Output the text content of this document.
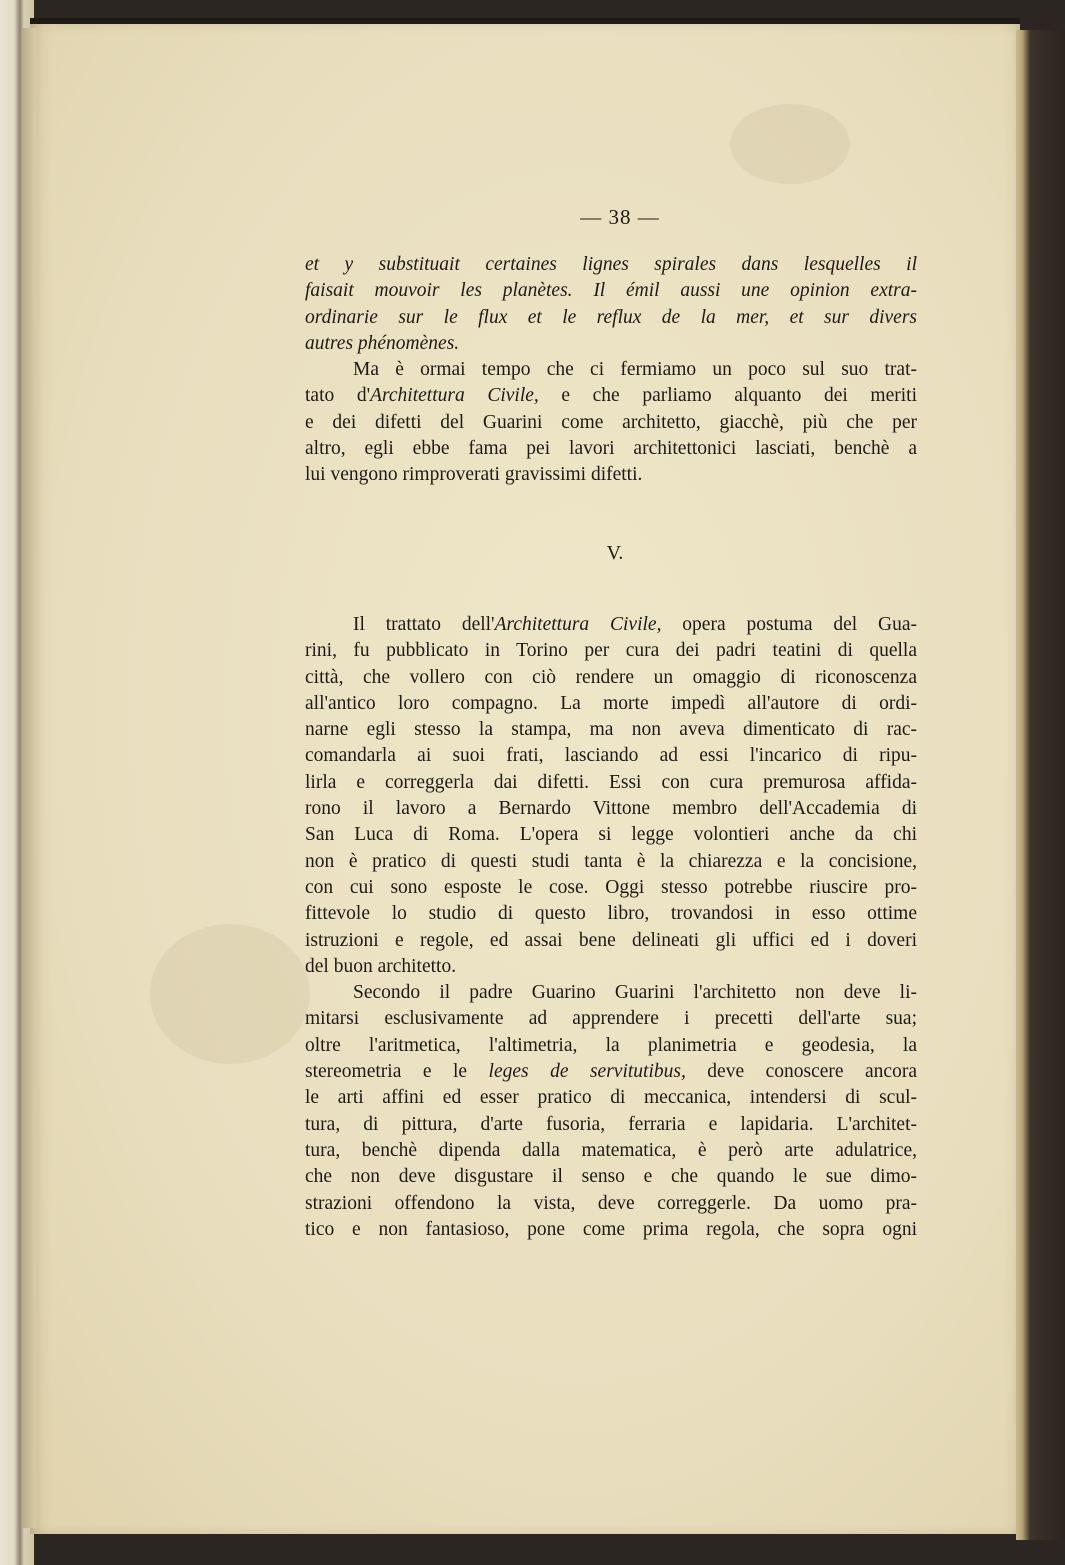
— 38 —
et y substituait certaines lignes spirales dans lesquelles il
faisait mouvoir les planètes. Il émil aussi une opinion extra-
ordinarie sur le flux et le reflux de la mer, et sur divers
autres phénomènes.
Ma è ormai tempo che ci fermiamo un poco sul suo trat-
tato d'Architettura Civile, e che parliamo alquanto dei meriti
e dei difetti del Guarini come architetto, giacchè, più che per
altro, egli ebbe fama pei lavori architettonici lasciati, benchè a
lui vengono rimproverati gravissimi difetti.
V.
Il trattato dell'Architettura Civile, opera postuma del Gua-
rini, fu pubblicato in Torino per cura dei padri teatini di quella
città, che vollero con ciò rendere un omaggio di riconoscenza
all'antico loro compagno. La morte impedì all'autore di ordi-
narne egli stesso la stampa, ma non aveva dimenticato di rac-
comandarla ai suoi frati, lasciando ad essi l'incarico di ripu-
lirla e correggerla dai difetti. Essi con cura premurosa affida-
rono il lavoro a Bernardo Vittone membro dell'Accademia di
San Luca di Roma. L'opera si legge volontieri anche da chi
non è pratico di questi studi tanta è la chiarezza e la concisione,
con cui sono esposte le cose. Oggi stesso potrebbe riuscire pro-
fittevole lo studio di questo libro, trovandosi in esso ottime
istruzioni e regole, ed assai bene delineati gli uffici ed i doveri
del buon architetto.
Secondo il padre Guarino Guarini l'architetto non deve li-
mitarsi esclusivamente ad apprendere i precetti dell'arte sua;
oltre l'aritmetica, l'altimetria, la planimetria e geodesia, la
stereometria e le leges de servitutibus, deve conoscere ancora
le arti affini ed esser pratico di meccanica, intendersi di scul-
tura, di pittura, d'arte fusoria, ferraria e lapidaria. L'architet-
tura, benchè dipenda dalla matematica, è però arte adulatrice,
che non deve disgustare il senso e che quando le sue dimo-
strazioni offendono la vista, deve correggerle. Da uomo pra-
tico e non fantasioso, pone come prima regola, che sopra ogni
